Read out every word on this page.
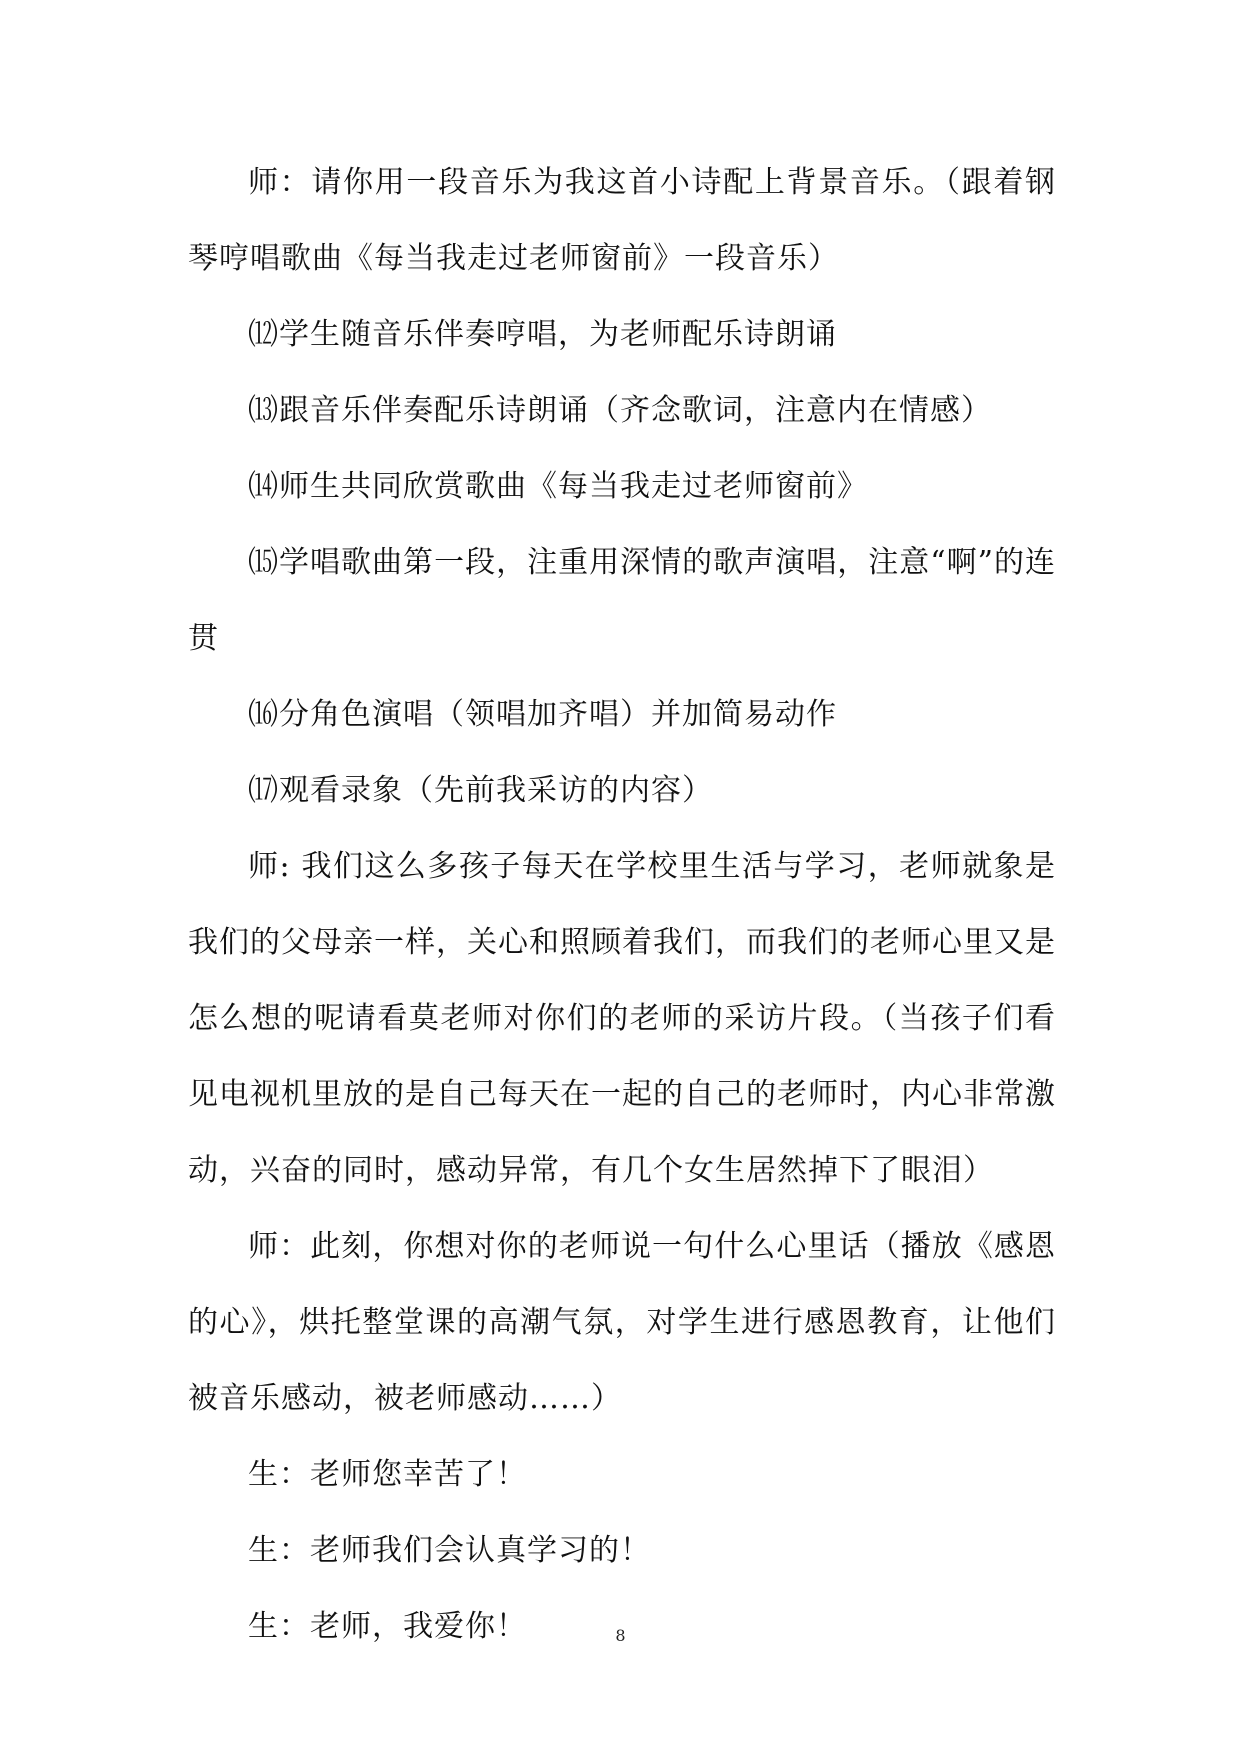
师：请你用一段音乐为我这首小诗配上背景音乐。（跟着钢琴哼唱歌曲《每当我走过老师窗前》一段音乐）

⑿学生随音乐伴奏哼唱，为老师配乐诗朗诵

⒀跟音乐伴奏配乐诗朗诵（齐念歌词，注意内在情感）

⒁师生共同欣赏歌曲《每当我走过老师窗前》

⒂学唱歌曲第一段，注重用深情的歌声演唱，注意“啊”的连贯

⒃分角色演唱（领唱加齐唱）并加简易动作

⒄观看录象（先前我采访的内容）

师: 我们这么多孩子每天在学校里生活与学习，老师就象是我们的父母亲一样，关心和照顾着我们，而我们的老师心里又是怎么想的呢请看莫老师对你们的老师的采访片段。（当孩子们看见电视机里放的是自己每天在一起的自己的老师时，内心非常激动，兴奋的同时，感动异常，有几个女生居然掉下了眼泪）

师：此刻，你想对你的老师说一句什么心里话（播放《感恩的心》，烘托整堂课的高潮气氛，对学生进行感恩教育，让他们被音乐感动，被老师感动……）

生：老师您幸苦了！

生：老师我们会认真学习的！

生：老师，我爱你！	8
